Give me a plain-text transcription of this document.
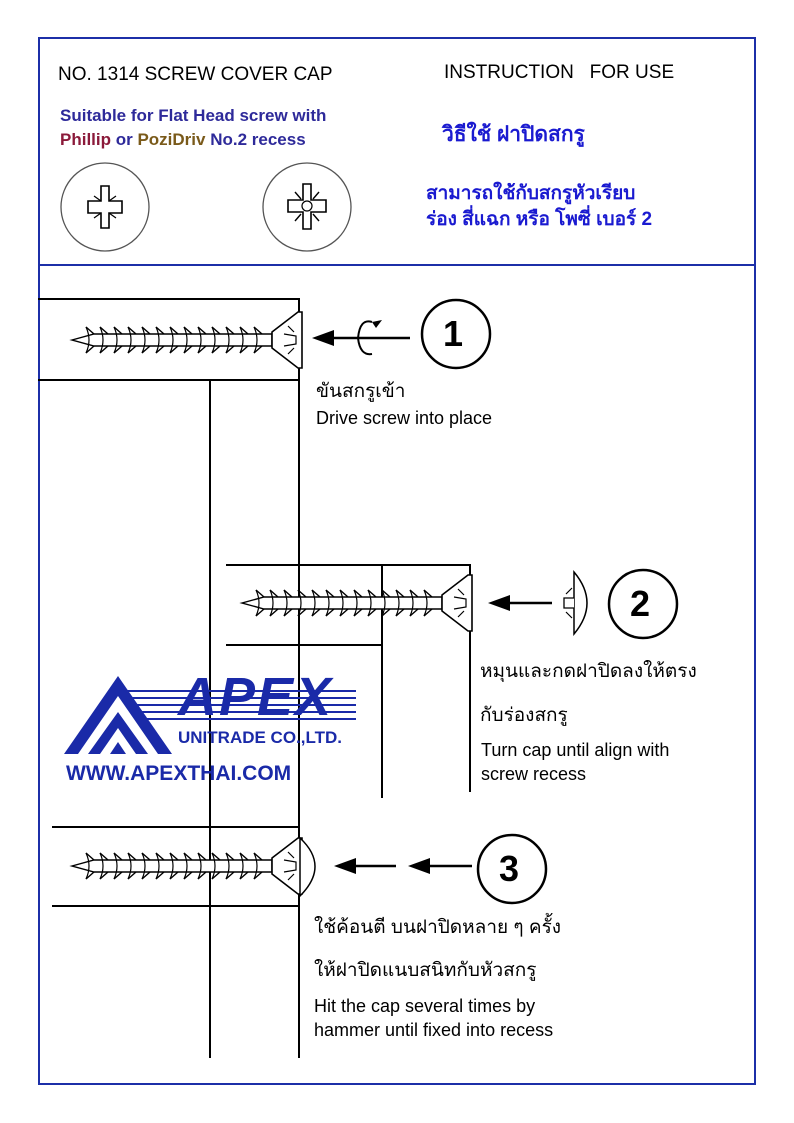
NO. 1314 SCREW COVER CAP	INSTRUCTION   FOR USE
Suitable for Flat Head screw with
Phillip or PoziDriv No.2 recess	วิธีใช้ ฝาปิดสกรู
สามารถใช้กับสกรูหัวเรียบ
ร่อง สี่แฉก หรือ โพซี่ เบอร์ 2
1
2
3
ขันสกรูเข้า
Drive screw into place
หมุนและกดฝาปิดลงให้ตรง
กับร่องสกรู
Turn cap until align with
screw recess
ใช้ค้อนตี บนฝาปิดหลาย ๆ ครั้ง
ให้ฝาปิดแนบสนิทกับหัวสกรู
Hit the cap several times by
hammer until fixed into recess
APEX
UNITRADE CO.,LTD.
WWW.APEXTHAI.COM
